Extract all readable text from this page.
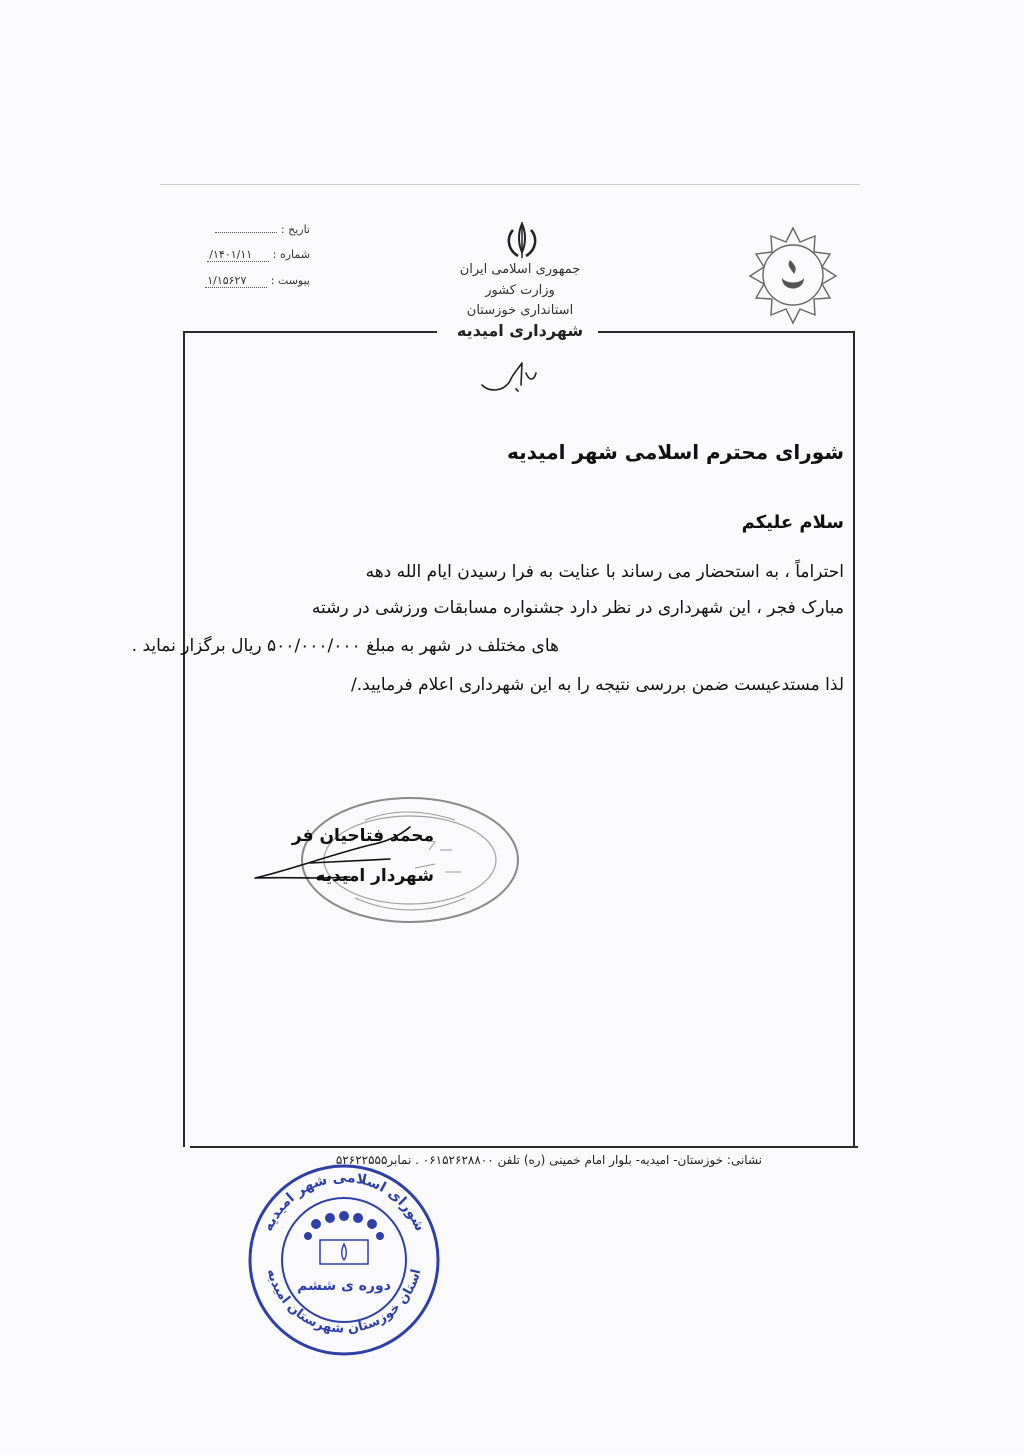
جمهوری اسلامی ایران
وزارت کشور
استانداری خوزستان
شهرداری امیدیه
تاریخ :
شماره : ۱۴۰۱/۱۱/
پیوست : ۱/۱۵۶۲۷
شورای محترم اسلامی شهر امیدیه
سلام علیکم
احتراماً ، به استحضار می رساند با عنایت به فرا رسیدن ایام الله دهه
مبارک فجر ، این شهرداری در نظر دارد جشنواره مسابقات ورزشی در رشته
های مختلف در شهر به مبلغ ۵۰۰/۰۰۰/۰۰۰ ریال برگزار نماید .
لذا مستدعیست ضمن بررسی نتیجه را به این شهرداری اعلام فرمایید./
محمد فتاحیان فر
شهردار امیدیه
نشانی: خوزستان- امیدیه- بلوار امام خمینی (ره) تلفن ۰۶۱۵۲۶۲۸۸۰۰ . نمابر۵۲۶۲۲۵۵۵
شورای اسلامی شهر امیدیه
استان خوزستان شهرستان امیدیه
دوره ی ششم
